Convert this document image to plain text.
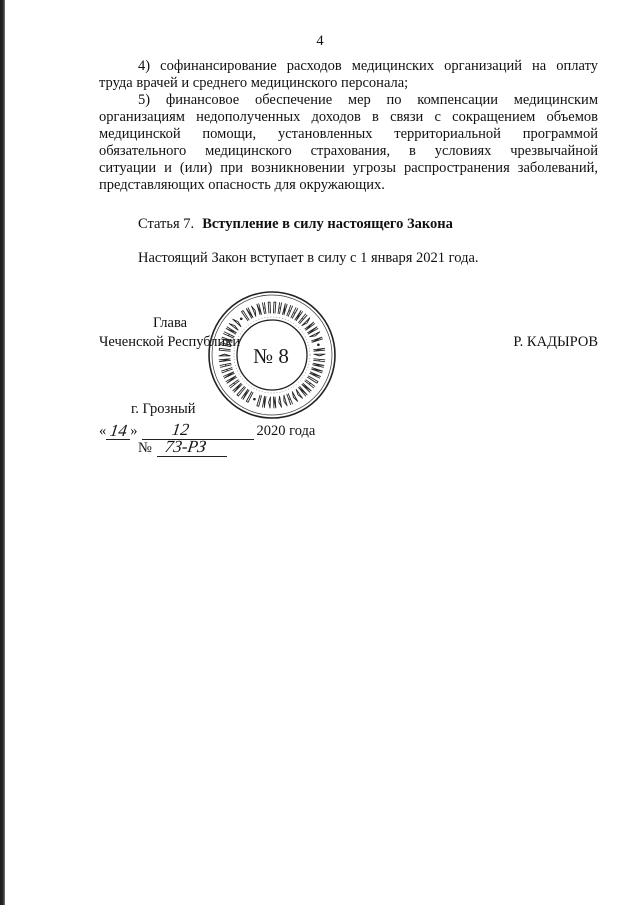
4
4) софинансирование расходов медицинских организаций на оплату
труда врачей и среднего медицинского персонала;
5) финансовое обеспечение мер по компенсации медицинским
организациям недополученных доходов в связи с сокращением объемов
медицинской помощи, установленных территориальной программой
обязательного медицинского страхования, в условиях чрезвычайной
ситуации и (или) при возникновении угрозы распространения заболеваний,
представляющих опасность для окружающих.
Статья 7. Вступление в силу настоящего Закона
Настоящий Закон вступает в силу с 1 января 2021 года.
Глава
Чеченской Республики	Р. КАДЫРОВ
№ 8
г. Грозный
« 14 » 12	2020 года
№ 73-РЗ
